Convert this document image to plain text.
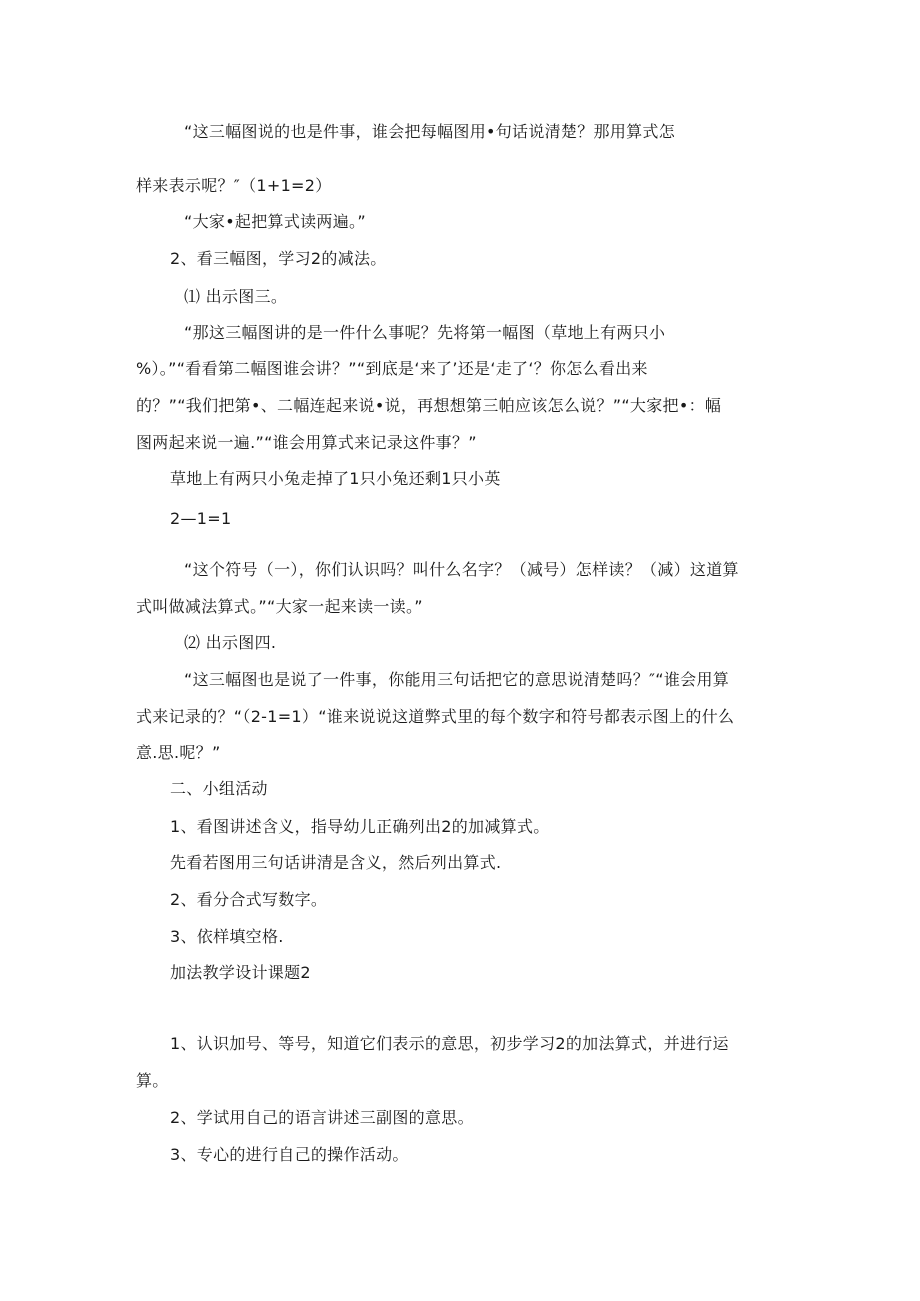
“这三幅图说的也是件事，谁会把每幅图用•句话说清楚？那用算式怎
样来表示呢？″（1+1=2）
“大家•起把算式读两遍。”
2、看三幅图，学习2的减法。
⑴ 出示图三。
“那这三幅图讲的是一件什么事呢？先将第一幅图（草地上有两只小
%）。”“看看第二幅图谁会讲？”“到底是‘来了’还是‘走了‘？你怎么看出来
的？”“我们把第•、二幅连起来说•说，再想想第三帕应该怎么说？”“大家把•：幅
图两起来说一遍.”“谁会用算式来记录这件事？”
草地上有两只小兔走掉了1只小兔还剩1只小英
2—1=1
“这个符号（一），你们认识吗？叫什么名字？（减号）怎样读？（减）这道算
式叫做减法算式。”“大家一起来读一读。”
⑵ 出示图四.
“这三幅图也是说了一件事，你能用三句话把它的意思说清楚吗？″“谁会用算
式来记录的？“（2-1=1）“谁来说说这道弊式里的每个数字和符号都表示图上的什么
意.思.呢？”
二、小组活动
1、看图讲述含义，指导幼儿正确列出2的加减算式。
先看若图用三句话讲清是含义，然后列出算式.
2、看分合式写数字。
3、依样填空格.
加法教学设计课题2
1、认识加号、等号，知道它们表示的意思，初步学习2的加法算式，并进行运
算。
2、学试用自己的语言讲述三副图的意思。
3、专心的进行自己的操作活动。
